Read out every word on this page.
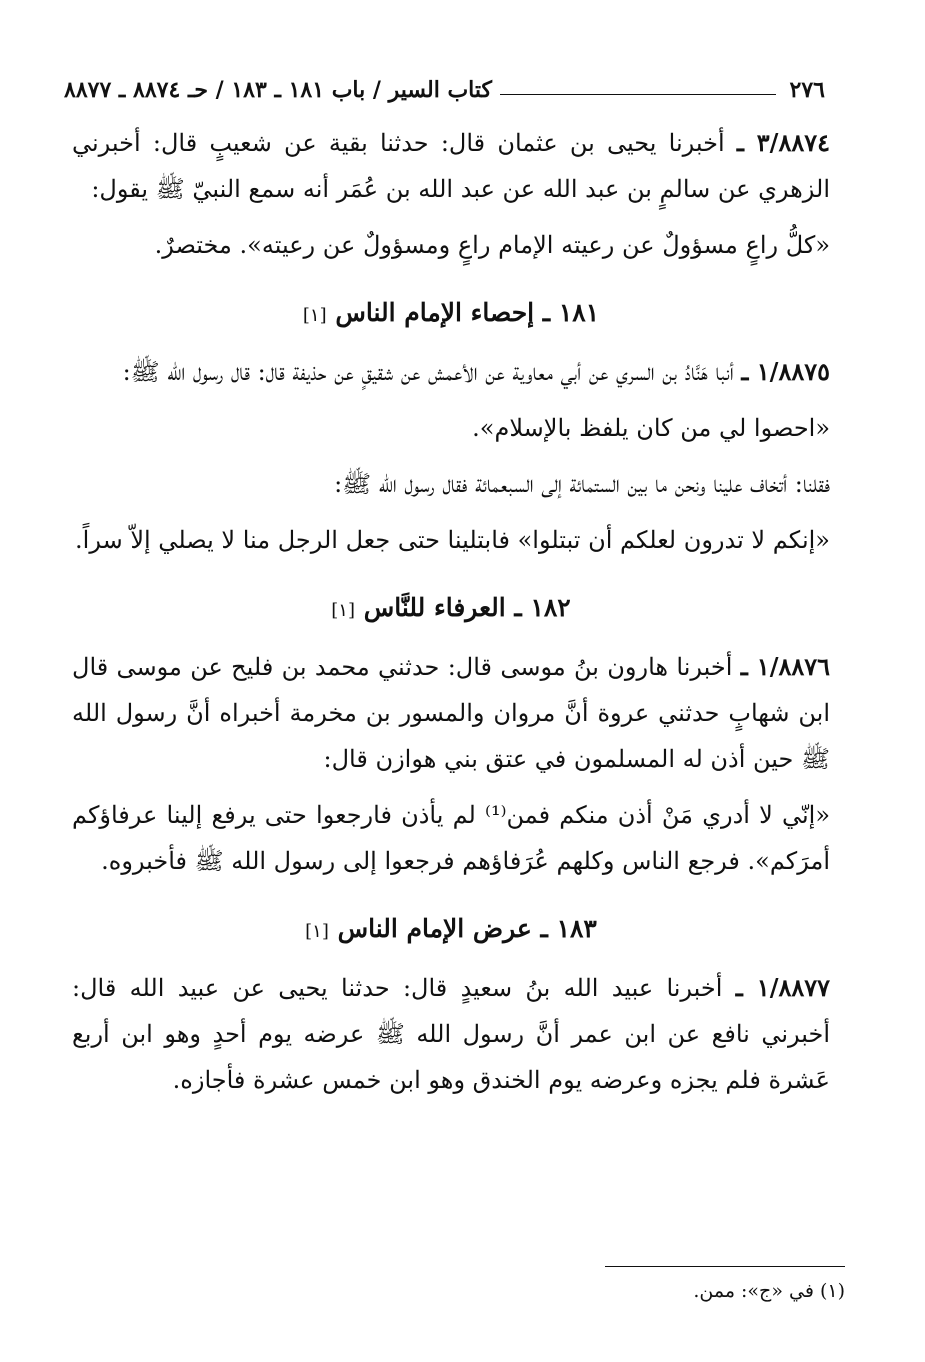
٢٧٦
كتاب السير / باب ١٨١ ـ ١٨٣ / حـ ٨٨٧٤ ـ ٨٨٧٧

٣/٨٨٧٤ ـ أخبرنا يحيى بن عثمان قال: حدثنا بقية عن شعيبٍ قال: أخبرني الزهري عن سالمٍ بن عبد الله عن عبد الله بن عُمَر أنه سمع النبيّ ﷺ يقول:

«كلُّ راعٍ مسؤولٌ عن رعيته الإمام راعٍ ومسؤولٌ عن رعيته». مختصرٌ.

١٨١ ـ إحصاء الإمام الناس [١]

١/٨٨٧٥ ـ أنبا هَنَّادُ بن السري عن أبي معاوية عن الأعمش عن شقيقٍ عن حذيفة قال: قال رسول الله ﷺ:

«احصوا لي من كان يلفظ بالإسلام».

فقلنا: أتخاف علينا ونحن ما بين الستمائة إلى السبعمائة فقال رسول الله ﷺ:

«إنكم لا تدرون لعلكم أن تبتلوا» فابتلينا حتى جعل الرجل منا لا يصلي إلاّ سراً.

١٨٢ ـ العرفاء للنَّاس [١]

١/٨٨٧٦ ـ أخبرنا هارون بنُ موسى قال: حدثني محمد بن فليح عن موسى قال ابن شهابٍ حدثني عروة أنَّ مروان والمسور بن مخرمة أخبراه أنَّ رسول الله ﷺ حين أذن له المسلمون في عتق بني هوازن قال:

«إنّي لا أدري مَنْ أذن منكم فمن⁽¹⁾ لم يأذن فارجعوا حتى يرفع إلينا عرفاؤكم أمرَكم». فرجع الناس وكلهم عُرَفاؤهم فرجعوا إلى رسول الله ﷺ فأخبروه.

١٨٣ ـ عرض الإمام الناس [١]

١/٨٨٧٧ ـ أخبرنا عبيد الله بنُ سعيدٍ قال: حدثنا يحيى عن عبيد الله قال: أخبرني نافع عن ابن عمر أنَّ رسول الله ﷺ عرضه يوم أحدٍ وهو ابن أربع عَشرة فلم يجزه وعرضه يوم الخندق وهو ابن خمس عشرة فأجازه.

(١) في «ج»: ممن.
